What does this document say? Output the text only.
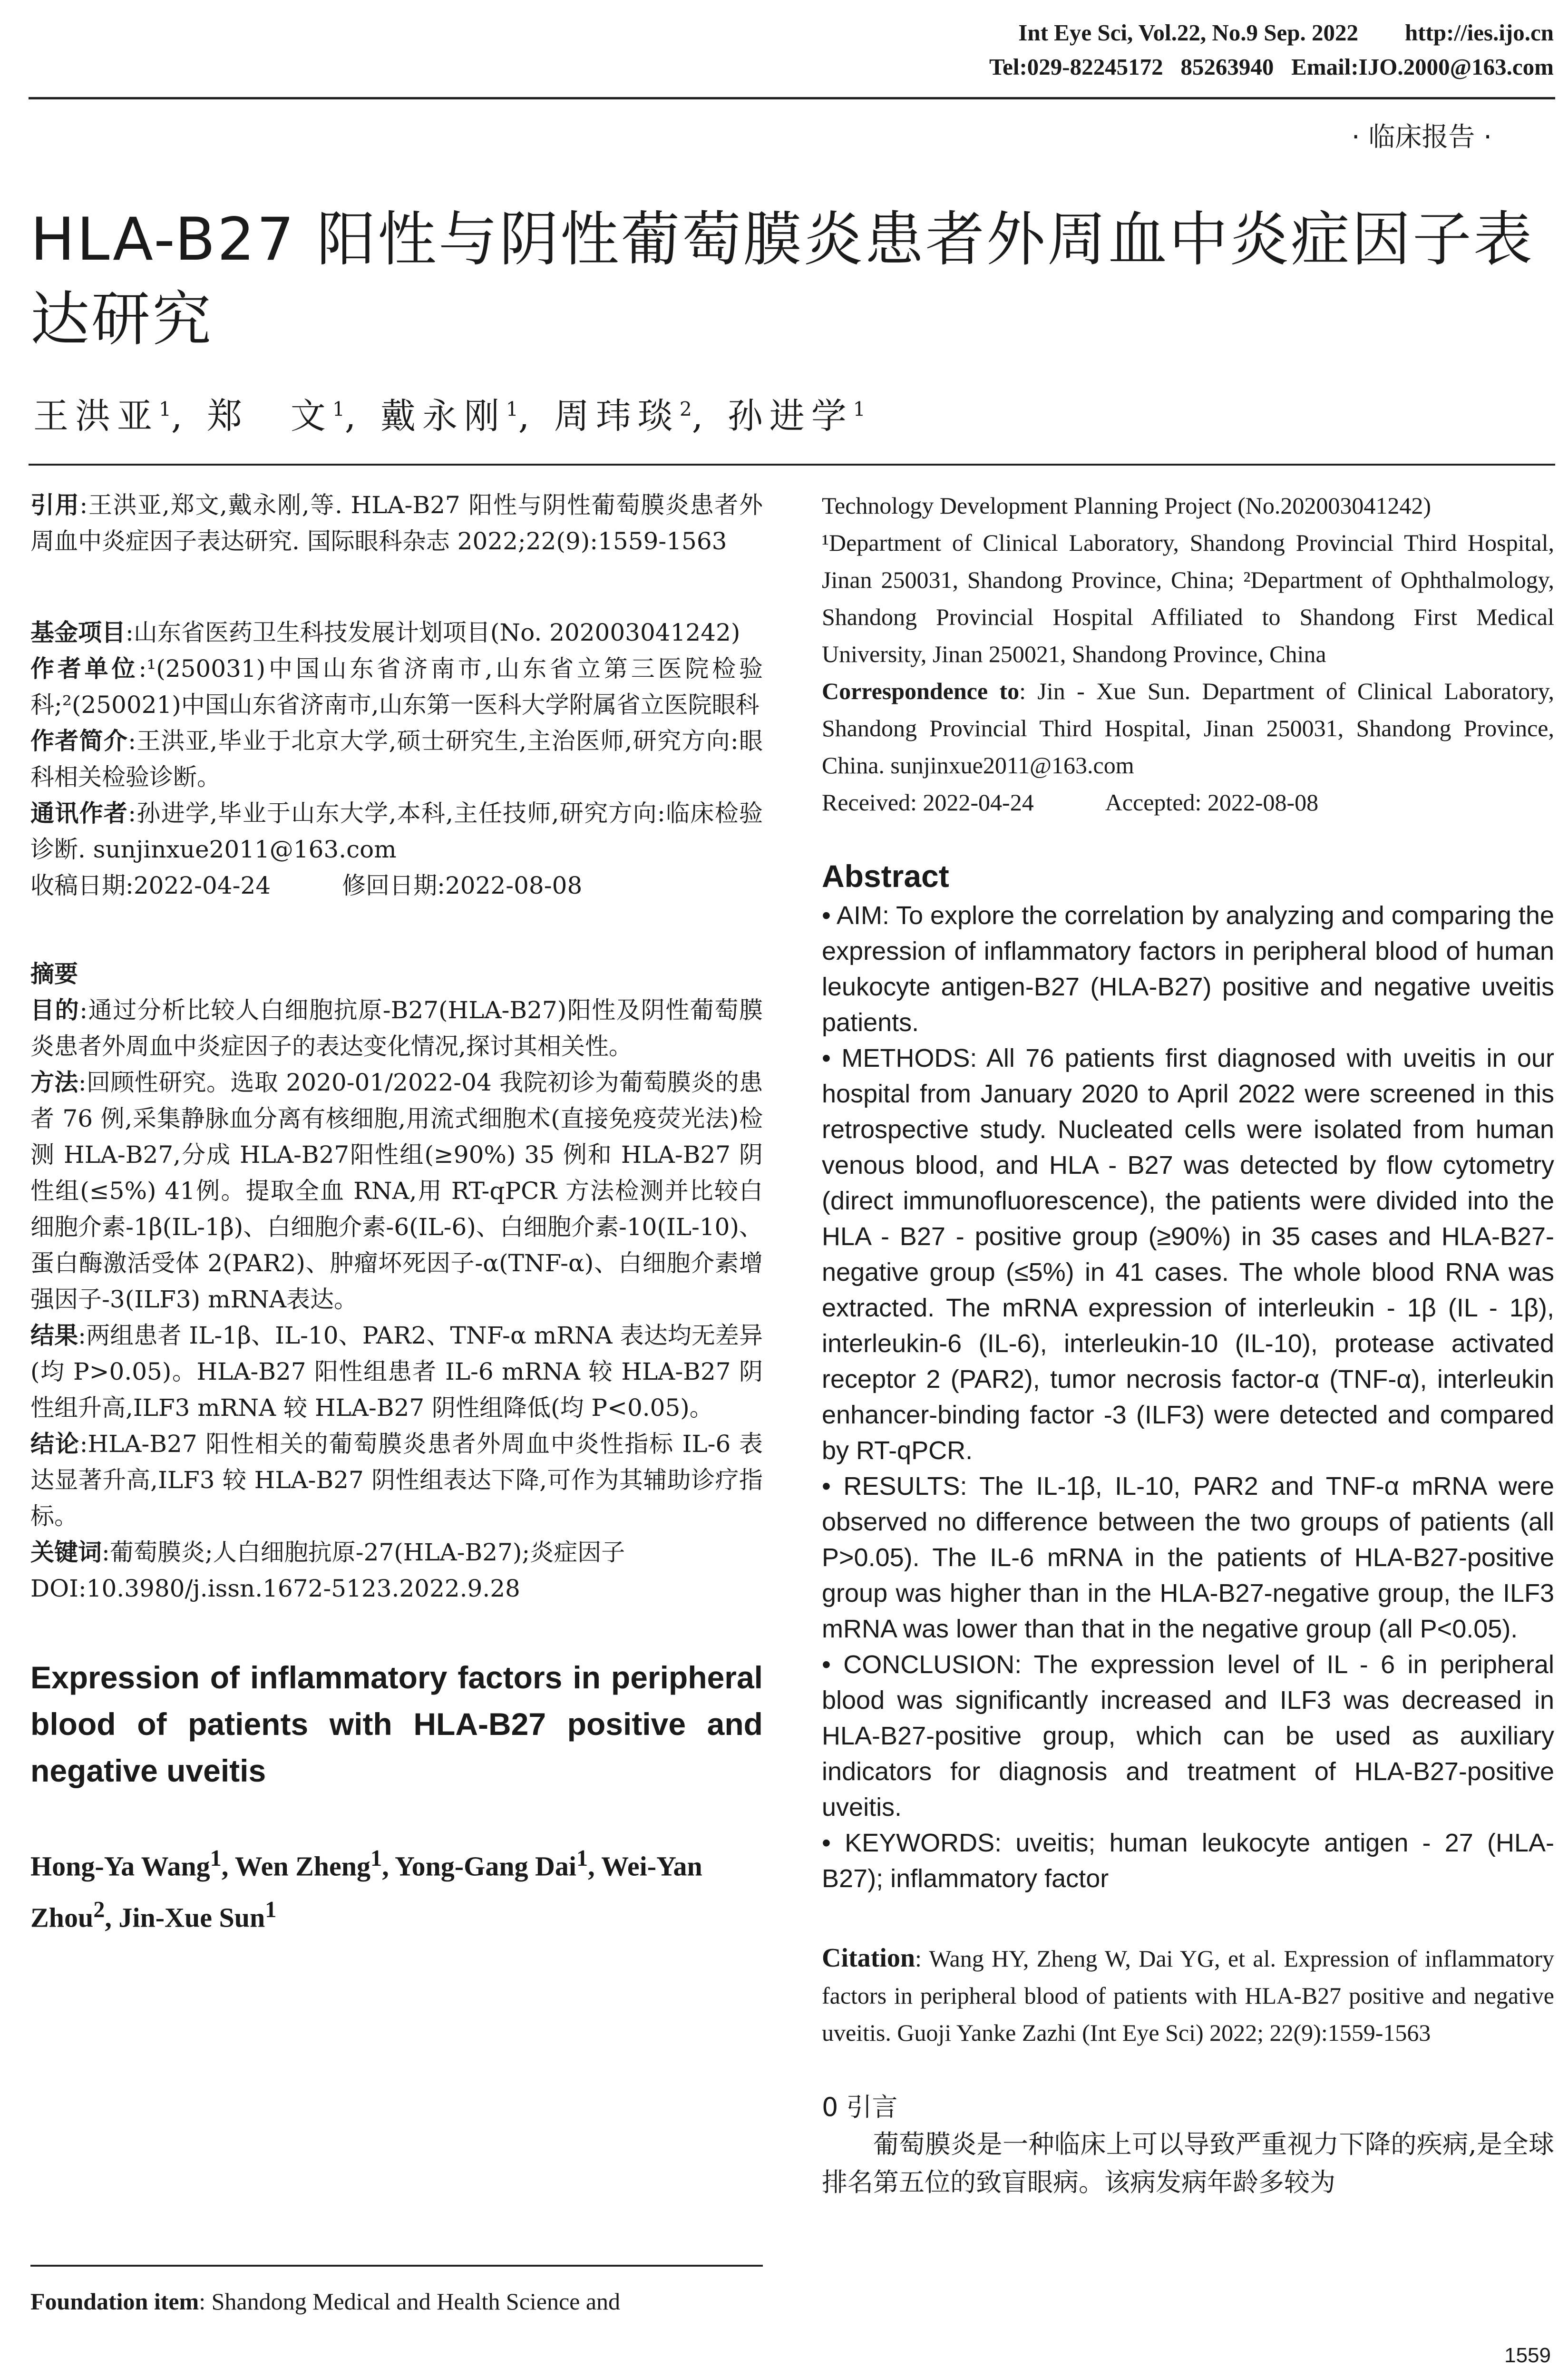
Int Eye Sci, Vol.22, No.9 Sep. 2022        http://ies.ijo.cn
Tel:029-82245172   85263940   Email:IJO.2000@163.com
· 临床报告 ·
HLA-B27 阳性与阴性葡萄膜炎患者外周血中炎症因子表达研究
王洪亚$^1$, 郑　文$^1$, 戴永刚$^1$, 周玮琰$^2$, 孙进学$^1$

引用:王洪亚,郑文,戴永刚,等. HLA-B27 阳性与阴性葡萄膜炎患者外周血中炎症因子表达研究. 国际眼科杂志 2022;22(9):1559-1563

基金项目:山东省医药卫生科技发展计划项目(No. 202003041242)

作者单位:¹(250031)中国山东省济南市,山东省立第三医院检验科;²(250021)中国山东省济南市,山东第一医科大学附属省立医院眼科

作者简介:王洪亚,毕业于北京大学,硕士研究生,主治医师,研究方向:眼科相关检验诊断。

通讯作者:孙进学,毕业于山东大学,本科,主任技师,研究方向:临床检验诊断. sunjinxue2011@163.com

收稿日期:2022-04-24　　　修回日期:2022-08-08

摘要

目的:通过分析比较人白细胞抗原-B27(HLA-B27)阳性及阴性葡萄膜炎患者外周血中炎症因子的表达变化情况,探讨其相关性。

方法:回顾性研究。选取 2020-01/2022-04 我院初诊为葡萄膜炎的患者 76 例,采集静脉血分离有核细胞,用流式细胞术(直接免疫荧光法)检测 HLA-B27,分成 HLA-B27阳性组(≥90%) 35 例和 HLA-B27 阴性组(≤5%) 41例。提取全血 RNA,用 RT-qPCR 方法检测并比较白细胞介素-1β(IL-1β)、白细胞介素-6(IL-6)、白细胞介素-10(IL-10)、蛋白酶激活受体 2(PAR2)、肿瘤坏死因子-α(TNF-α)、白细胞介素增强因子-3(ILF3) mRNA表达。

结果:两组患者 IL-1β、IL-10、PAR2、TNF-α mRNA 表达均无差异(均 P>0.05)。HLA-B27 阳性组患者 IL-6 mRNA 较 HLA-B27 阴性组升高,ILF3 mRNA 较 HLA-B27 阴性组降低(均 P<0.05)。

结论:HLA-B27 阳性相关的葡萄膜炎患者外周血中炎性指标 IL-6 表达显著升高,ILF3 较 HLA-B27 阴性组表达下降,可作为其辅助诊疗指标。

关键词:葡萄膜炎;人白细胞抗原-27(HLA-B27);炎症因子

DOI:10.3980/j.issn.1672-5123.2022.9.28

Expression of inflammatory factors in peripheral blood of patients with HLA-B27 positive and negative uveitis

Hong-Ya Wang$^1$, Wen Zheng$^1$, Yong-Gang Dai$^1$, Wei-Yan Zhou$^2$, Jin-Xue Sun$^1$

Foundation item: Shandong Medical and Health Science and

Technology Development Planning Project (No.202003041242)

¹Department of Clinical Laboratory, Shandong Provincial Third Hospital, Jinan 250031, Shandong Province, China; ²Department of Ophthalmology, Shandong Provincial Hospital Affiliated to Shandong First Medical University, Jinan 250021, Shandong Province, China

Correspondence to: Jin - Xue Sun. Department of Clinical Laboratory, Shandong Provincial Third Hospital, Jinan 250031, Shandong Province, China. sunjinxue2011@163.com

Received: 2022-04-24　　　Accepted: 2022-08-08

Abstract

• AIM: To explore the correlation by analyzing and comparing the expression of inflammatory factors in peripheral blood of human leukocyte antigen-B27 (HLA-B27) positive and negative uveitis patients.

• METHODS: All 76 patients first diagnosed with uveitis in our hospital from January 2020 to April 2022 were screened in this retrospective study. Nucleated cells were isolated from human venous blood, and HLA - B27 was detected by flow cytometry (direct immunofluorescence), the patients were divided into the HLA - B27 - positive group (≥90%) in 35 cases and HLA-B27-negative group (≤5%) in 41 cases. The whole blood RNA was extracted. The mRNA expression of interleukin - 1β (IL - 1β), interleukin-6 (IL-6), interleukin-10 (IL-10), protease activated receptor 2 (PAR2), tumor necrosis factor-α (TNF-α), interleukin enhancer-binding factor -3 (ILF3) were detected and compared by RT-qPCR.

• RESULTS: The IL-1β, IL-10, PAR2 and TNF-α mRNA were observed no difference between the two groups of patients (all P>0.05). The IL-6 mRNA in the patients of HLA-B27-positive group was higher than in the HLA-B27-negative group, the ILF3 mRNA was lower than that in the negative group (all P<0.05).

• CONCLUSION: The expression level of IL - 6 in peripheral blood was significantly increased and ILF3 was decreased in HLA-B27-positive group, which can be used as auxiliary indicators for diagnosis and treatment of HLA-B27-positive uveitis.

• KEYWORDS: uveitis; human leukocyte antigen - 27 (HLA-B27); inflammatory factor

Citation: Wang HY, Zheng W, Dai YG, et al. Expression of inflammatory factors in peripheral blood of patients with HLA-B27 positive and negative uveitis. Guoji Yanke Zazhi (Int Eye Sci) 2022; 22(9):1559-1563

0 引言

葡萄膜炎是一种临床上可以导致严重视力下降的疾病,是全球排名第五位的致盲眼病。该病发病年龄多较为

1559
